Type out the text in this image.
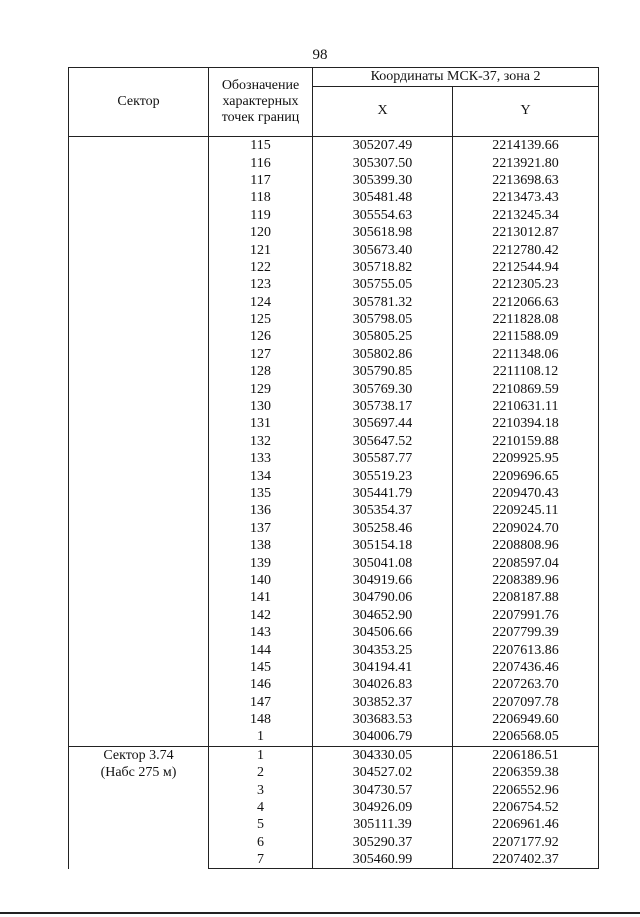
98
Сектор	Обозначение
характерных
точек границ	Координаты МСК-37, зона 2	
		X	Y

	115	305207.49	2214139.66
	116	305307.50	2213921.80
	117	305399.30	2213698.63
	118	305481.48	2213473.43
	119	305554.63	2213245.34
	120	305618.98	2213012.87
	121	305673.40	2212780.42
	122	305718.82	2212544.94
	123	305755.05	2212305.23
	124	305781.32	2212066.63
	125	305798.05	2211828.08
	126	305805.25	2211588.09
	127	305802.86	2211348.06
	128	305790.85	2211108.12
	129	305769.30	2210869.59
	130	305738.17	2210631.11
	131	305697.44	2210394.18
	132	305647.52	2210159.88
	133	305587.77	2209925.95
	134	305519.23	2209696.65
	135	305441.79	2209470.43
	136	305354.37	2209245.11
	137	305258.46	2209024.70
	138	305154.18	2208808.96
	139	305041.08	2208597.04
	140	304919.66	2208389.96
	141	304790.06	2208187.88
	142	304652.90	2207991.76
	143	304506.66	2207799.39
	144	304353.25	2207613.86
	145	304194.41	2207436.46
	146	304026.83	2207263.70
	147	303852.37	2207097.78
	148	303683.53	2206949.60
	1	304006.79	2206568.05

Сектор 3.74
(Набс 275 м)	1	304330.05	2206186.51
	2	304527.02	2206359.38
	3	304730.57	2206552.96
	4	304926.09	2206754.52
	5	305111.39	2206961.46
	6	305290.37	2207177.92
	7	305460.99	2207402.37
